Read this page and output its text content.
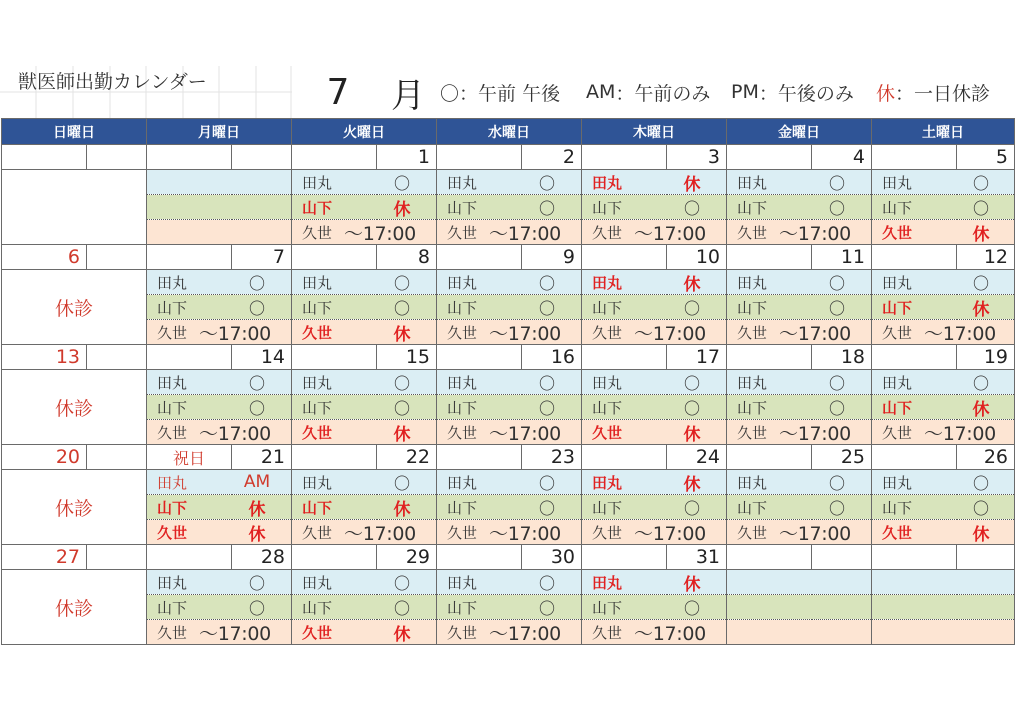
獣医師出勤カレンダー	7 月 〇 ： 午前 午後 AM ： 午前のみ PM ： 午後のみ 休 ： 一日休診
日曜日		月曜日		火曜日		水曜日		木曜日		金曜日		土曜日	
					1		2		3		4		5

				田丸 〇		田丸 〇		田丸 休		田丸 〇		田丸 〇	

				山下 休		山下 〇		山下 〇		山下 〇		山下 〇	

				久世 ～17:00		久世 ～17:00		久世 ～17:00		久世 ～17:00		久世 休	

6			7		8		9		10		11		12
休診		田丸 〇		田丸 〇		田丸 〇		田丸 休		田丸 〇		田丸 〇	

		山下 〇		山下 〇		山下 〇		山下 〇		山下 〇		山下 休	

		久世 ～17:00		久世 休		久世 ～17:00		久世 ～17:00		久世 ～17:00		久世 ～17:00	

13			14		15		16		17		18		19
休診		田丸 〇		田丸 〇		田丸 〇		田丸 〇		田丸 〇		田丸 〇	

		山下 〇		山下 〇		山下 〇		山下 〇		山下 〇		山下 休	

		久世 ～17:00		久世 休		久世 ～17:00		久世 休		久世 ～17:00		久世 ～17:00	

20		祝日	21		22		23		24		25		26
休診		田丸 AM		田丸 〇		田丸 〇		田丸 休		田丸 〇		田丸 〇	

		山下 休		山下 休		山下 〇		山下 〇		山下 〇		山下 〇	

		久世 休		久世 ～17:00		久世 ～17:00		久世 ～17:00		久世 ～17:00		久世 休	

27			28		29		30		31				
休診		田丸 〇		田丸 〇		田丸 〇		田丸 休					

		山下 〇		山下 〇		山下 〇		山下 〇					

		久世 ～17:00		久世 休		久世 ～17:00		久世 ～17:00					
